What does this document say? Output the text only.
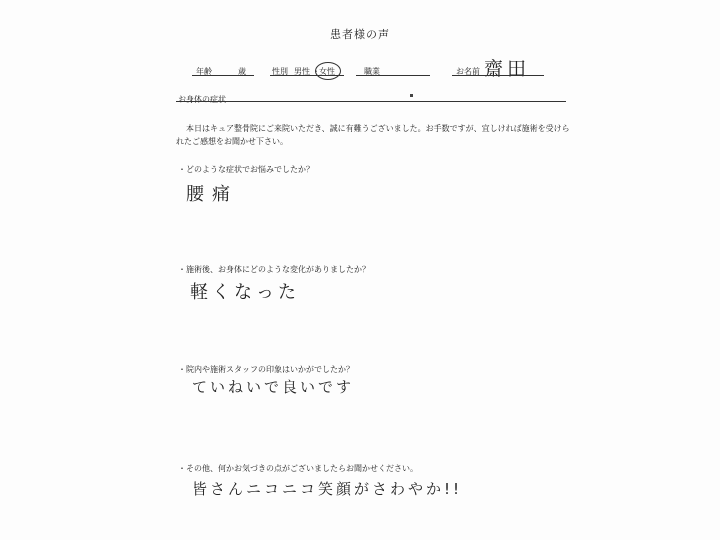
患者様の声
年齢	歳	性別 男性 ・ 女性	職業	お名前 齋田
お身体の症状
本日はキュア整骨院にご来院いただき、誠に有難うございました。お手数ですが、宜しければ施術を受けられたご感想をお聞かせ下さい。
・どのような症状でお悩みでしたか？
腰痛
・施術後、お身体にどのような変化がありましたか？
軽くなった
・院内や施術スタッフの印象はいかがでしたか？
ていねいで良いです
・その他、何かお気づきの点がございましたらお聞かせください。
皆さんニコニコ笑顔がさわやか!!
